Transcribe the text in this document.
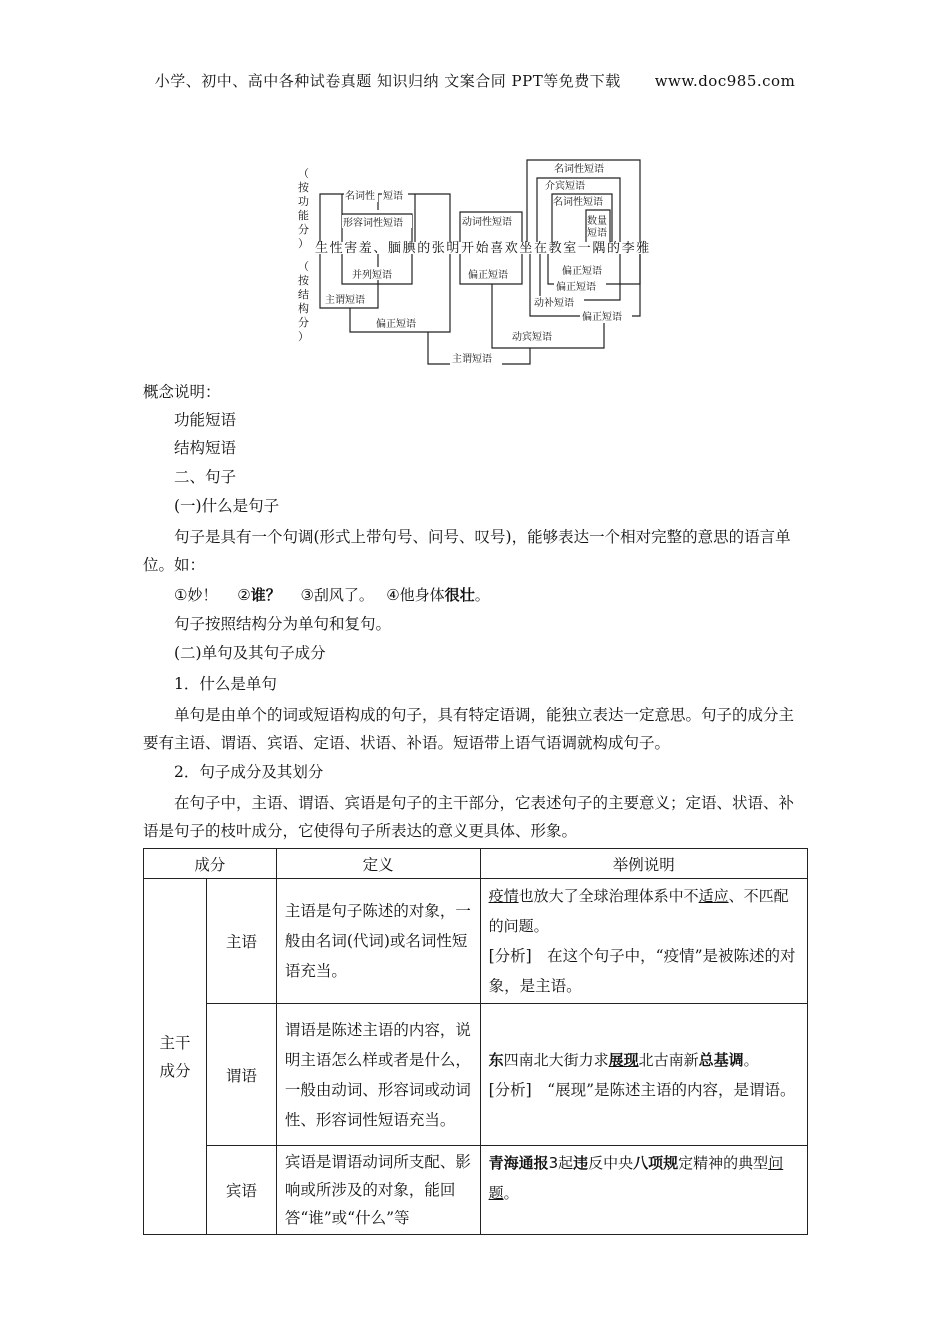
小学、初中、高中各种试卷真题 知识归纳 文案合同 PPT等免费下载 www.doc985.com
（
按
功
能
分
）
（
按
结
构
分
）
生 性 害 羞 、 腼 腆 的 张 明 开 始 喜 欢 坐 在 教 室 一 隅 的 李 雅
名词性 短语
形容词性短语	动词性短语
名词性短语
介宾短语
名词性短语
数量
短语
并列短语
主谓短语
偏正短语
偏正短语	偏正短语
偏正短语
动补短语
偏正短语
动宾短语
主谓短语
概念说明：
功能短语
结构短语
二、句子
(一)什么是句子
句子是具有一个句调(形式上带句号、问号、叹号)，能够表达一个相对完整的意思的语言单位。如：
①妙！　 ②谁？　 ③刮风了。　 ④他身体很壮。
句子按照结构分为单句和复句。
(二)单句及其句子成分
1．什么是单句
单句是由单个的词或短语构成的句子，具有特定语调，能独立表达一定意思。句子的成分主要有主语、谓语、宾语、定语、状语、补语。短语带上语气语调就构成句子。
2．句子成分及其划分
在句子中，主语、谓语、宾语是句子的主干部分，它表述句子的主要意义；定语、状语、补语是句子的枝叶成分，它使得句子所表达的意义更具体、形象。
成分		定义	举例说明
主干成分	主语	主语是句子陈述的对象，一般由名词(代词)或名词性短语充当。	疫情也放大了全球治理体系中不适应、不匹配的问题。
[分析]　在这个句子中，“疫情”是被陈述的对象，是主语。
	谓语	谓语是陈述主语的内容，说明主语怎么样或者是什么，一般由动词、形容词或动词性、形容词性短语充当。	东四南北大街力求展现北古南新总基调。
[分析]　“展现”是陈述主语的内容，是谓语。
	宾语	宾语是谓语动词所支配、影响或所涉及的对象，能回答“谁”或“什么”等	青海通报3起违反中央八项规定精神的典型问题。
